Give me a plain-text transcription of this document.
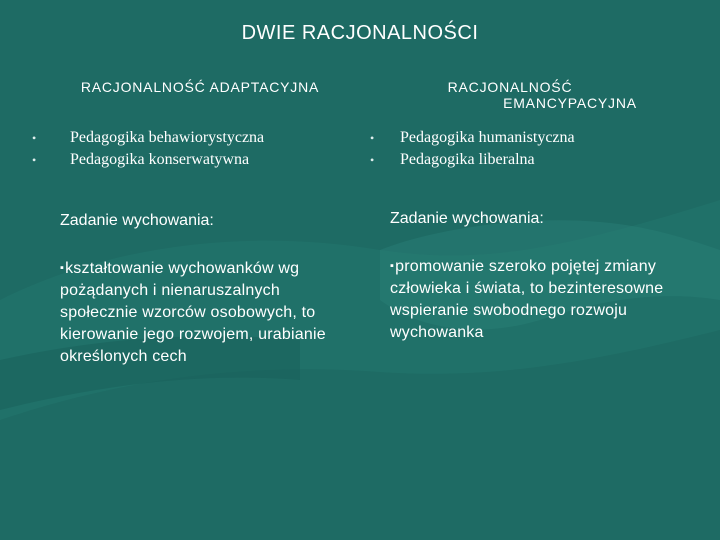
DWIE RACJONALNOŚCI
RACJONALNOŚĆ ADAPTACYJNA	RACJONALNOŚĆ
EMANCYPACYJNA
• Pedagogika behawiorystyczna
• Pedagogika konserwatywna
• Pedagogika humanistyczna
• Pedagogika liberalna
Zadanie wychowania:	Zadanie wychowania:
▪kształtowanie wychowanków wg pożądanych i nienaruszalnych społecznie wzorców osobowych, to kierowanie jego rozwojem, urabianie określonych cech
▪promowanie szeroko pojętej zmiany człowieka i świata, to bezinteresowne wspieranie swobodnego rozwoju wychowanka
